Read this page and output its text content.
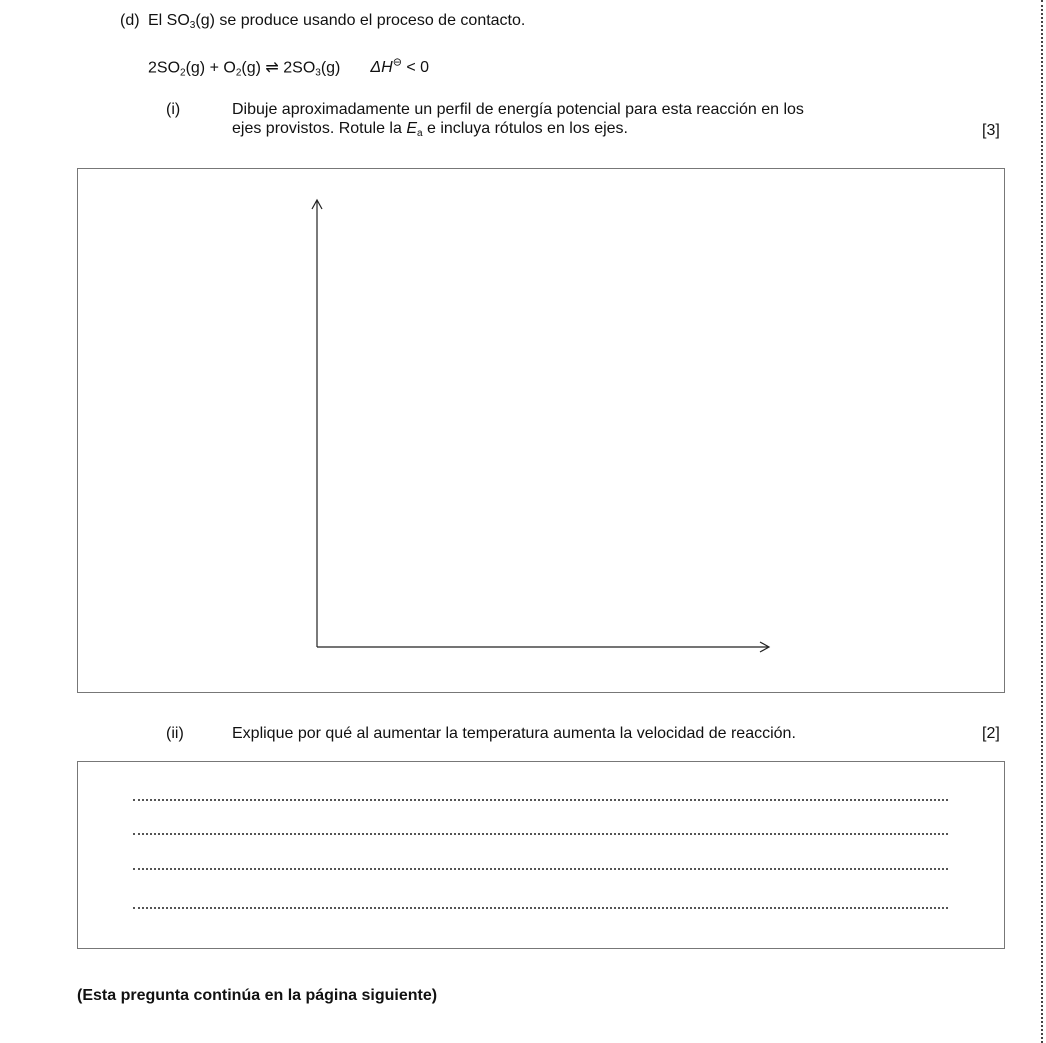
(d) El $SO_3(g)$ se produce usando el proceso de contacto.
$2SO_2(g) + O_2(g)$ ⇌ $2SO_3(g) \Delta H^⊖ < 0$
(i)	Dibuje aproximadamente un perfil de energía potencial para esta reacción en los
ejes provistos. Rotule la $E_a$ e incluya rótulos en los ejes.	[3]
(ii)	Explique por qué al aumentar la temperatura aumenta la velocidad de reacción.	[2]
(Esta pregunta continúa en la página siguiente)
